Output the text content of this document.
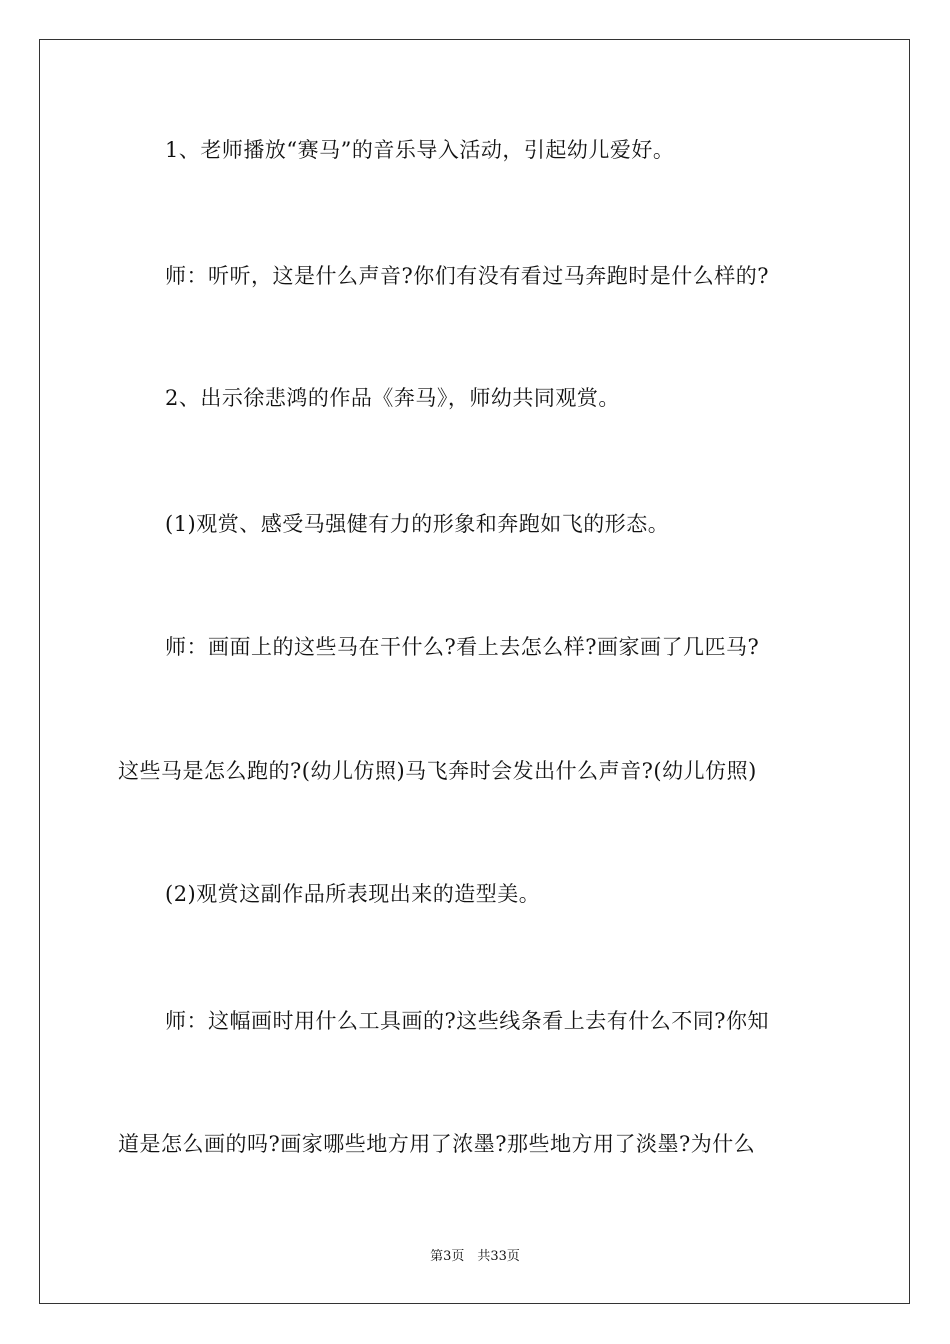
1、老师播放“赛马”的音乐导入活动，引起幼儿爱好。
师：听听，这是什么声音?你们有没有看过马奔跑时是什么样的?
2、出示徐悲鸿的作品《奔马》，师幼共同观赏。
(1)观赏、感受马强健有力的形象和奔跑如飞的形态。
师：画面上的这些马在干什么?看上去怎么样?画家画了几匹马?
这些马是怎么跑的?(幼儿仿照)马飞奔时会发出什么声音?(幼儿仿照)
(2)观赏这副作品所表现出来的造型美。
师：这幅画时用什么工具画的?这些线条看上去有什么不同?你知
道是怎么画的吗?画家哪些地方用了浓墨?那些地方用了淡墨?为什么
第3页　共33页
